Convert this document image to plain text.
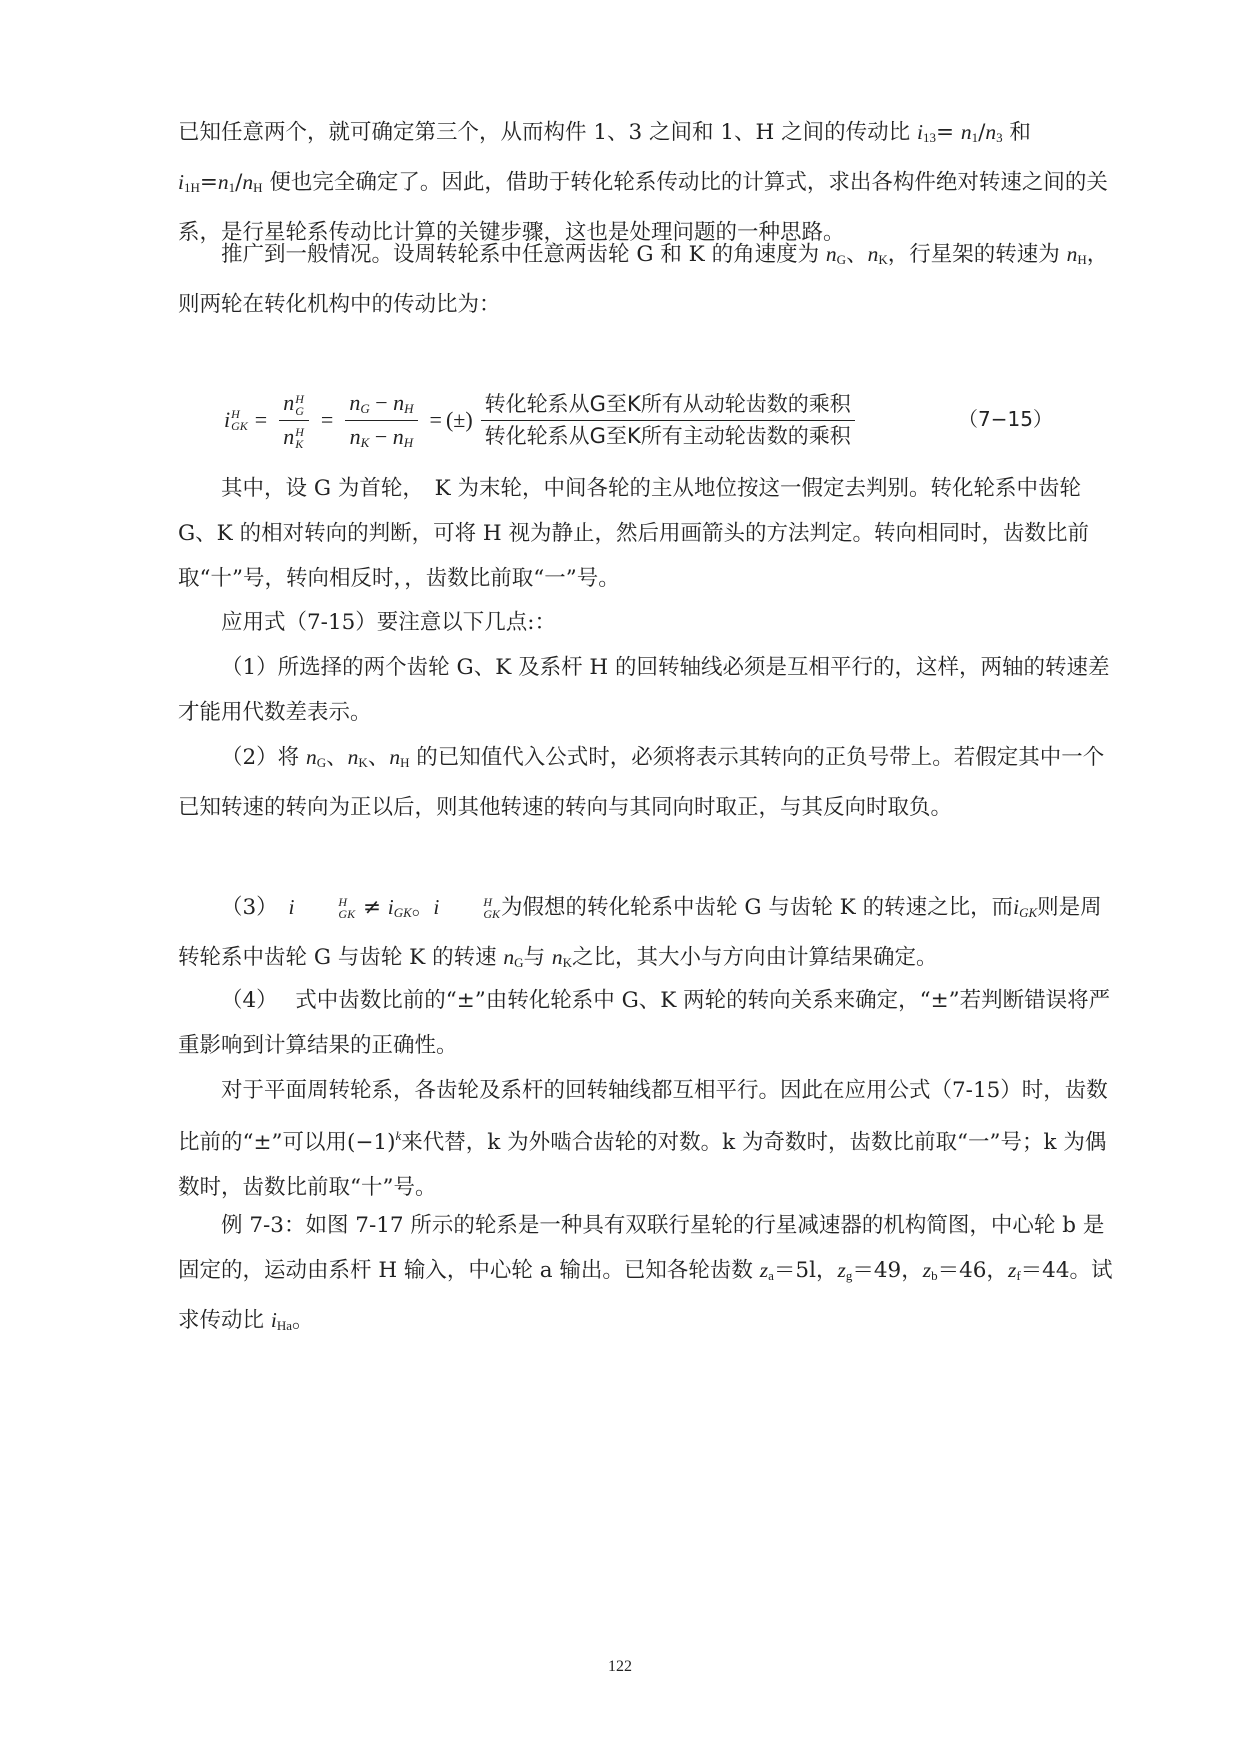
已知任意两个，就可确定第三个，从而构件 1、3 之间和 1、H 之间的传动比 i13= n1/n3 和 i1H=n1/nH 便也完全确定了。因此，借助于转化轮系传动比的计算式，求出各构件绝对转速之间的关系，是行星轮系传动比计算的关键步骤，这也是处理问题的一种思路。

推广到一般情况。设周转轮系中任意两齿轮 G 和 K 的角速度为 nG、nK，行星架的转速为 nH，则两轮在转化机构中的传动比为：

i H
GK = n H
G
n H
$K = \frac{nG - nH}{nK - nH}$ = (±) $\frac{\text{转化轮系从G至K所有从动轮齿数的乘积}}{\text{转化轮系从G至K所有主动轮齿数的乘积}}$	（7−15）

其中，设 G 为首轮，　K 为末轮，中间各轮的主从地位按这一假定去判别。转化轮系中齿轮 G、K 的相对转向的判断，可将 H 视为静止，然后用画箭头的方法判定。转向相同时，齿数比前取“十”号，转向相反时，，齿数比前取“一”号。

应用式（7-15）要注意以下几点:：

（1）所选择的两个齿轮 G、K 及系杆 H 的回转轴线必须是互相平行的，这样，两轴的转速差才能用代数差表示。

（2）将 nG、nK、nH 的已知值代入公式时，必须将表示其转向的正负号带上。若假定其中一个已知转速的转向为正以后，则其他转速的转向与其同向时取正，与其反向时取负。

（3）　i	H
GK ≠ iGK。i	H
GK 为假想的转化轮系中齿轮 G 与齿轮 K 的转速之比，而iGK则是周转轮系中齿轮 G 与齿轮 K 的转速 nG与 nK之比，其大小与方向由计算结果确定。

（4）　 式中齿数比前的“±”由转化轮系中 G、K 两轮的转向关系来确定，“±”若判断错误将严重影响到计算结果的正确性。

对于平面周转轮系，各齿轮及系杆的回转轴线都互相平行。因此在应用公式（7-15）时，齿数比前的“±”可以用$(-1)^k$来代替，k 为外啮合齿轮的对数。k 为奇数时，齿数比前取“一”号；k 为偶数时，齿数比前取“十”号。

例 7-3：如图 7-17 所示的轮系是一种具有双联行星轮的行星减速器的机构简图，中心轮 b 是固定的，运动由系杆 H 输入，中心轮 a 输出。已知各轮齿数 za＝5l，zg＝49，zb＝46，zf＝44。试求传动比 iHa。

122
